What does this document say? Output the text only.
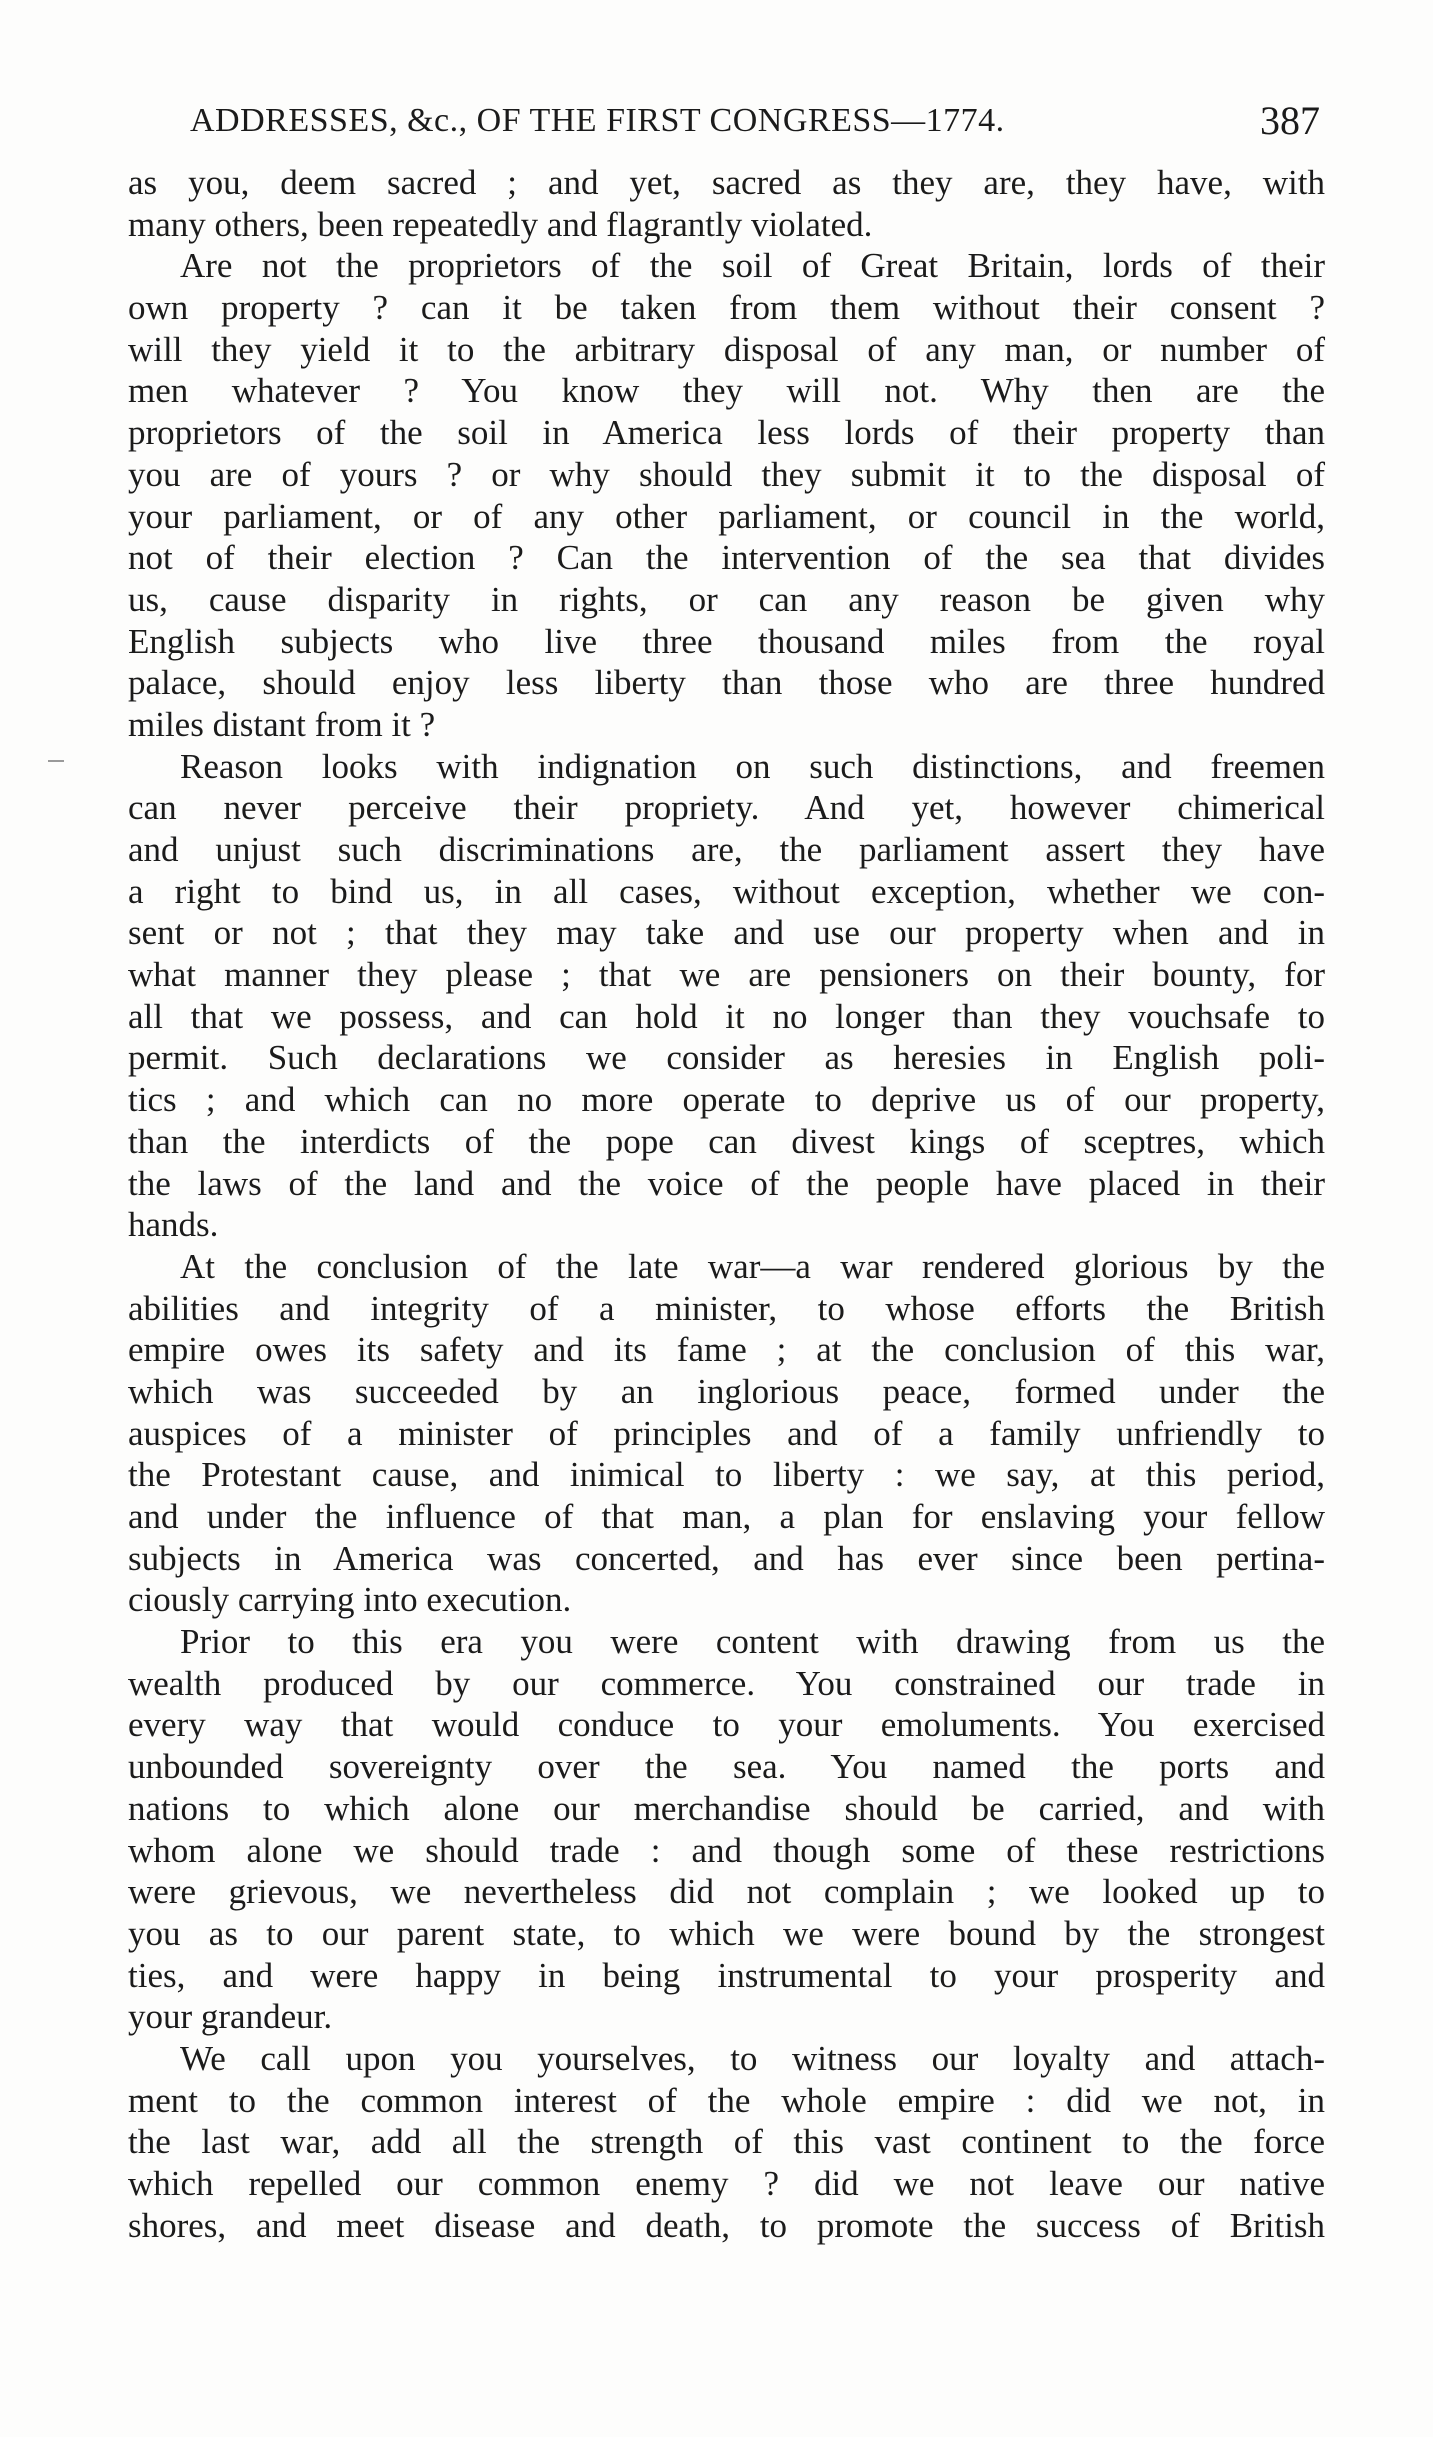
ADDRESSES, &c., OF THE FIRST CONGRESS—1774.	387
as you, deem sacred ; and yet, sacred as they are, they have, with
many others, been repeatedly and flagrantly violated.
Are not the proprietors of the soil of Great Britain, lords of their
own property ? can it be taken from them without their consent ?
will they yield it to the arbitrary disposal of any man, or number of
men whatever ? You know they will not. Why then are the
proprietors of the soil in America less lords of their property than
you are of yours ? or why should they submit it to the disposal of
your parliament, or of any other parliament, or council in the world,
not of their election ? Can the intervention of the sea that divides
us, cause disparity in rights, or can any reason be given why
English subjects who live three thousand miles from the royal
palace, should enjoy less liberty than those who are three hundred
miles distant from it ?
Reason looks with indignation on such distinctions, and freemen
can never perceive their propriety. And yet, however chimerical
and unjust such discriminations are, the parliament assert they have
a right to bind us, in all cases, without exception, whether we con-
sent or not ; that they may take and use our property when and in
what manner they please ; that we are pensioners on their bounty, for
all that we possess, and can hold it no longer than they vouchsafe to
permit. Such declarations we consider as heresies in English poli-
tics ; and which can no more operate to deprive us of our property,
than the interdicts of the pope can divest kings of sceptres, which
the laws of the land and the voice of the people have placed in their
hands.
At the conclusion of the late war—a war rendered glorious by the
abilities and integrity of a minister, to whose efforts the British
empire owes its safety and its fame ; at the conclusion of this war,
which was succeeded by an inglorious peace, formed under the
auspices of a minister of principles and of a family unfriendly to
the Protestant cause, and inimical to liberty : we say, at this period,
and under the influence of that man, a plan for enslaving your fellow
subjects in America was concerted, and has ever since been pertina-
ciously carrying into execution.
Prior to this era you were content with drawing from us the
wealth produced by our commerce. You constrained our trade in
every way that would conduce to your emoluments. You exercised
unbounded sovereignty over the sea. You named the ports and
nations to which alone our merchandise should be carried, and with
whom alone we should trade : and though some of these restrictions
were grievous, we nevertheless did not complain ; we looked up to
you as to our parent state, to which we were bound by the strongest
ties, and were happy in being instrumental to your prosperity and
your grandeur.
We call upon you yourselves, to witness our loyalty and attach-
ment to the common interest of the whole empire : did we not, in
the last war, add all the strength of this vast continent to the force
which repelled our common enemy ? did we not leave our native
shores, and meet disease and death, to promote the success of British
